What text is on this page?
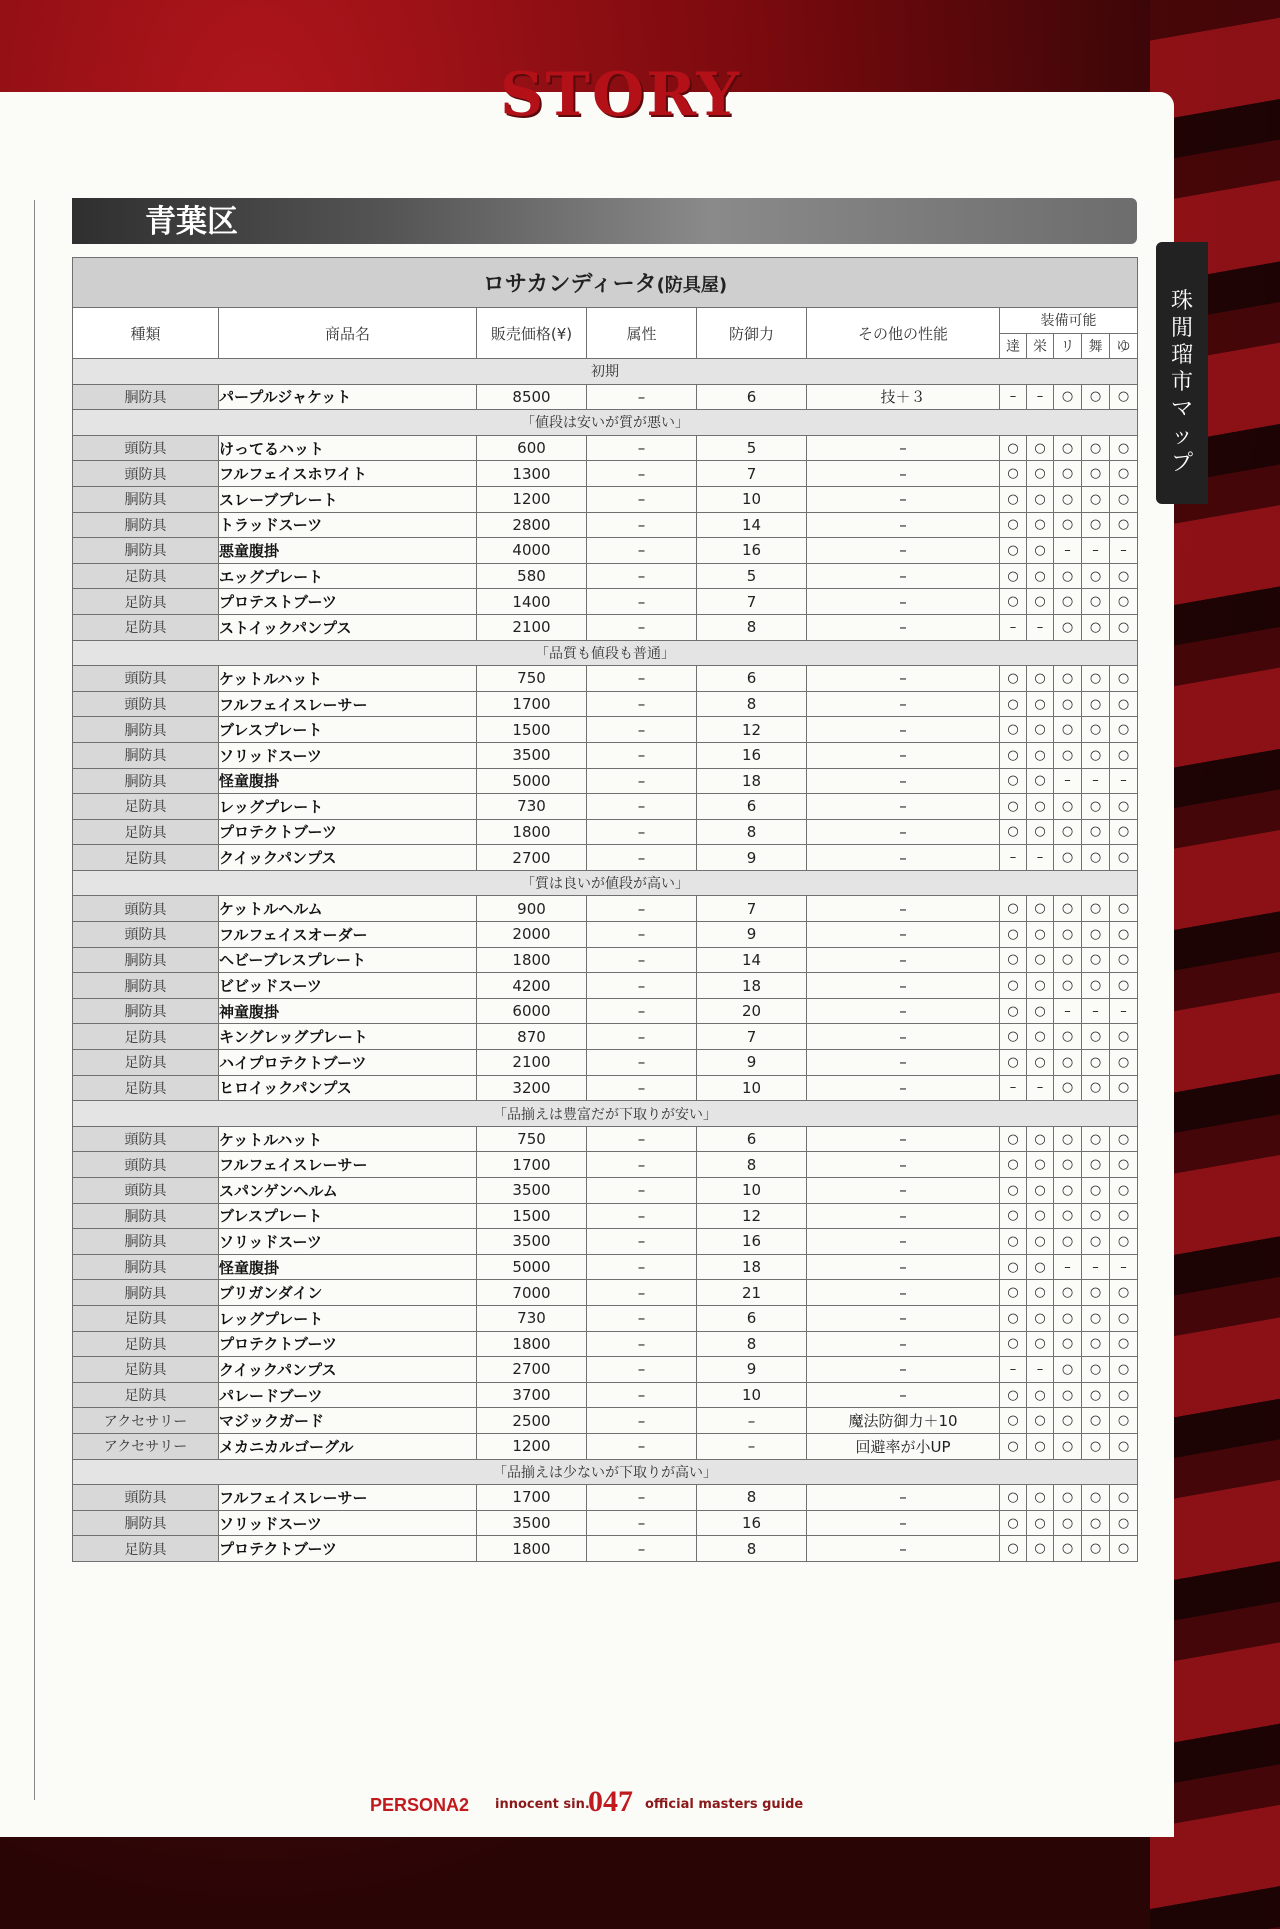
STORY
青葉区
珠
閒
瑠
市
マ
ッ
プ
ロサカンディータ(防具屋)										
種類	商品名	販売価格(¥)	属性	防御力	その他の性能	装備可能				
						達	栄	リ	舞	ゆ
初期										
胴防具	パープルジャケット	8500	–	6	技＋３	–	–	○	○	○
「値段は安いが質が悪い」										
頭防具	けってるハット	600	–	5	–	○	○	○	○	○
頭防具	フルフェイスホワイト	1300	–	7	–	○	○	○	○	○
胴防具	スレーブプレート	1200	–	10	–	○	○	○	○	○
胴防具	トラッドスーツ	2800	–	14	–	○	○	○	○	○
胴防具	悪童腹掛	4000	–	16	–	○	○	–	–	–
足防具	エッグプレート	580	–	5	–	○	○	○	○	○
足防具	プロテストブーツ	1400	–	7	–	○	○	○	○	○
足防具	ストイックパンプス	2100	–	8	–	–	–	○	○	○
「品質も値段も普通」										
頭防具	ケットルハット	750	–	6	–	○	○	○	○	○
頭防具	フルフェイスレーサー	1700	–	8	–	○	○	○	○	○
胴防具	ブレスプレート	1500	–	12	–	○	○	○	○	○
胴防具	ソリッドスーツ	3500	–	16	–	○	○	○	○	○
胴防具	怪童腹掛	5000	–	18	–	○	○	–	–	–
足防具	レッグプレート	730	–	6	–	○	○	○	○	○
足防具	プロテクトブーツ	1800	–	8	–	○	○	○	○	○
足防具	クイックパンプス	2700	–	9	–	–	–	○	○	○
「質は良いが値段が高い」										
頭防具	ケットルヘルム	900	–	7	–	○	○	○	○	○
頭防具	フルフェイスオーダー	2000	–	9	–	○	○	○	○	○
胴防具	ヘビーブレスプレート	1800	–	14	–	○	○	○	○	○
胴防具	ビビッドスーツ	4200	–	18	–	○	○	○	○	○
胴防具	神童腹掛	6000	–	20	–	○	○	–	–	–
足防具	キングレッグプレート	870	–	7	–	○	○	○	○	○
足防具	ハイプロテクトブーツ	2100	–	9	–	○	○	○	○	○
足防具	ヒロイックパンプス	3200	–	10	–	–	–	○	○	○
「品揃えは豊富だが下取りが安い」										
頭防具	ケットルハット	750	–	6	–	○	○	○	○	○
頭防具	フルフェイスレーサー	1700	–	8	–	○	○	○	○	○
頭防具	スパンゲンヘルム	3500	–	10	–	○	○	○	○	○
胴防具	ブレスプレート	1500	–	12	–	○	○	○	○	○
胴防具	ソリッドスーツ	3500	–	16	–	○	○	○	○	○
胴防具	怪童腹掛	5000	–	18	–	○	○	–	–	–
胴防具	ブリガンダイン	7000	–	21	–	○	○	○	○	○
足防具	レッグプレート	730	–	6	–	○	○	○	○	○
足防具	プロテクトブーツ	1800	–	8	–	○	○	○	○	○
足防具	クイックパンプス	2700	–	9	–	–	–	○	○	○
足防具	パレードブーツ	3700	–	10	–	○	○	○	○	○
アクセサリー	マジックガード	2500	–	–	魔法防御力＋10	○	○	○	○	○
アクセサリー	メカニカルゴーグル	1200	–	–	回避率が小UP	○	○	○	○	○
「品揃えは少ないが下取りが高い」										
頭防具	フルフェイスレーサー	1700	–	8	–	○	○	○	○	○
胴防具	ソリッドスーツ	3500	–	16	–	○	○	○	○	○
足防具	プロテクトブーツ	1800	–	8	–	○	○	○	○	○
PERSONA2 innocent sin.
047 official masters guide
